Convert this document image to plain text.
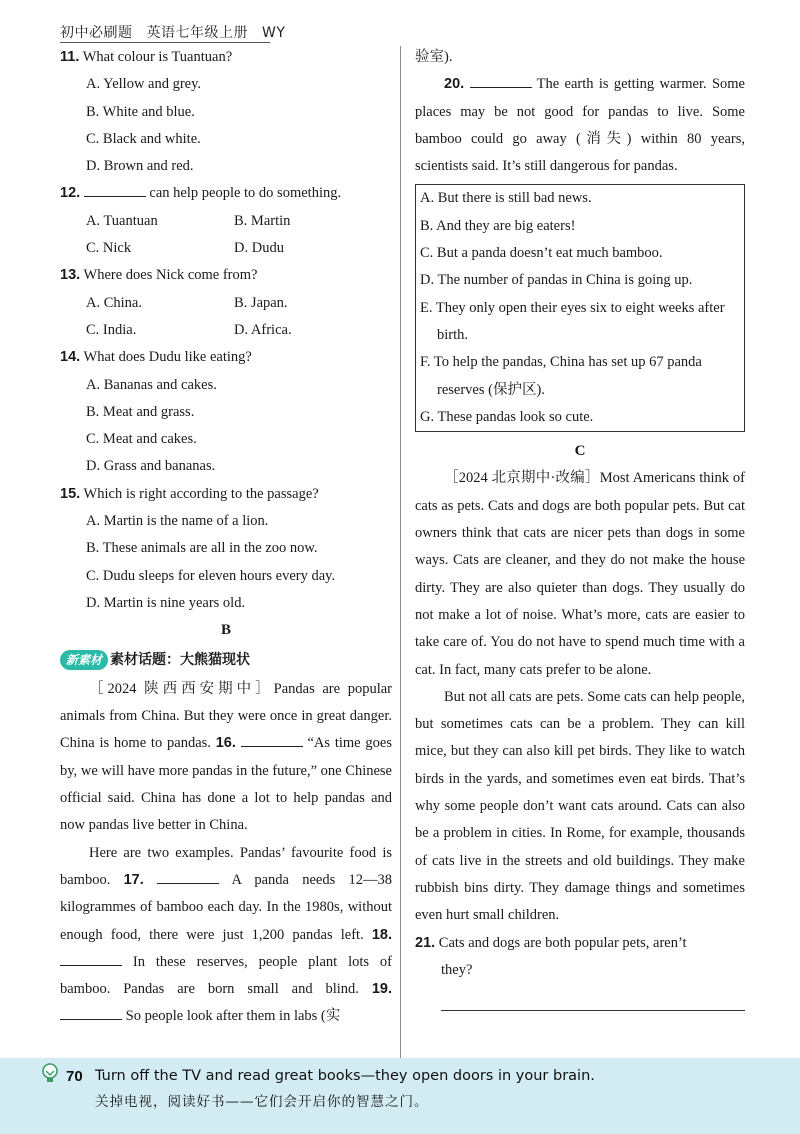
初中必刷题 英语七年级上册 WY

11. What colour is Tuantuan?

A. Yellow and grey.

B. White and blue.

C. Black and white.

D. Brown and red.

12.	can help people to do something.

A. Tuantuan	B. Martin
C. Nick	D. Dudu

13. Where does Nick come from?

A. China.	B. Japan.
C. India.	D. Africa.

14. What does Dudu like eating?

A. Bananas and cakes.

B. Meat and grass.

C. Meat and cakes.

D. Grass and bananas.

15. Which is right according to the passage?

A. Martin is the name of a lion.

B. These animals are all in the zoo now.

C. Dudu sleeps for eleven hours every day.

D. Martin is nine years old.

B

新素材 素材话题：大熊猫现状

［2024 陕西西安期中］Pandas are popular animals from China. But they were once in great danger. China is home to pandas. 16.	“As time goes by, we will have more pandas in the future,” one Chinese official said. China has done a lot to help pandas and now pandas live better in China.

Here are two examples. Pandas’ favourite food is bamboo. 17.	A panda needs 12—38 kilogrammes of bamboo each day. In the 1980s, without enough food, there were just 1,200 pandas left. 18.  In these reserves, people plant lots of bamboo. Pandas are born small and blind. 19.  So people look after them in labs (实

验室).

20.	The earth is getting warmer. Some places may be not good for pandas to live. Some bamboo could go away (消失) within 80 years, scientists said. It’s still dangerous for pandas.

A. But there is still bad news.

B. And they are big eaters!

C. But a panda doesn’t eat much bamboo.

D. The number of pandas in China is going up.

E. They only open their eyes six to eight weeks after

birth.

F. To help the pandas, China has set up 67 panda

reserves (保护区).

G. These pandas look so cute.

C

［2024 北京期中·改编］Most Americans think of cats as pets. Cats and dogs are both popular pets. But cat owners think that cats are nicer pets than dogs in some ways. Cats are cleaner, and they do not make the house dirty. They are also quieter than dogs. They usually do not make a lot of noise. What’s more, cats are easier to take care of. You do not have to spend much time with a cat. In fact, many cats prefer to be alone.

But not all cats are pets. Some cats can help people, but sometimes cats can be a problem. They can kill mice, but they can also kill pet birds. They like to watch birds in the yards, and sometimes even eat birds. That’s why some people don’t want cats around. Cats can also be a problem in cities. In Rome, for example, thousands of cats live in the streets and old buildings. They make rubbish bins dirty. They damage things and sometimes even hurt small children.

21. Cats and dogs are both popular pets, aren’t

they?

70 Turn off the TV and read great books—they open doors in your brain.
关掉电视，阅读好书——它们会开启你的智慧之门。
